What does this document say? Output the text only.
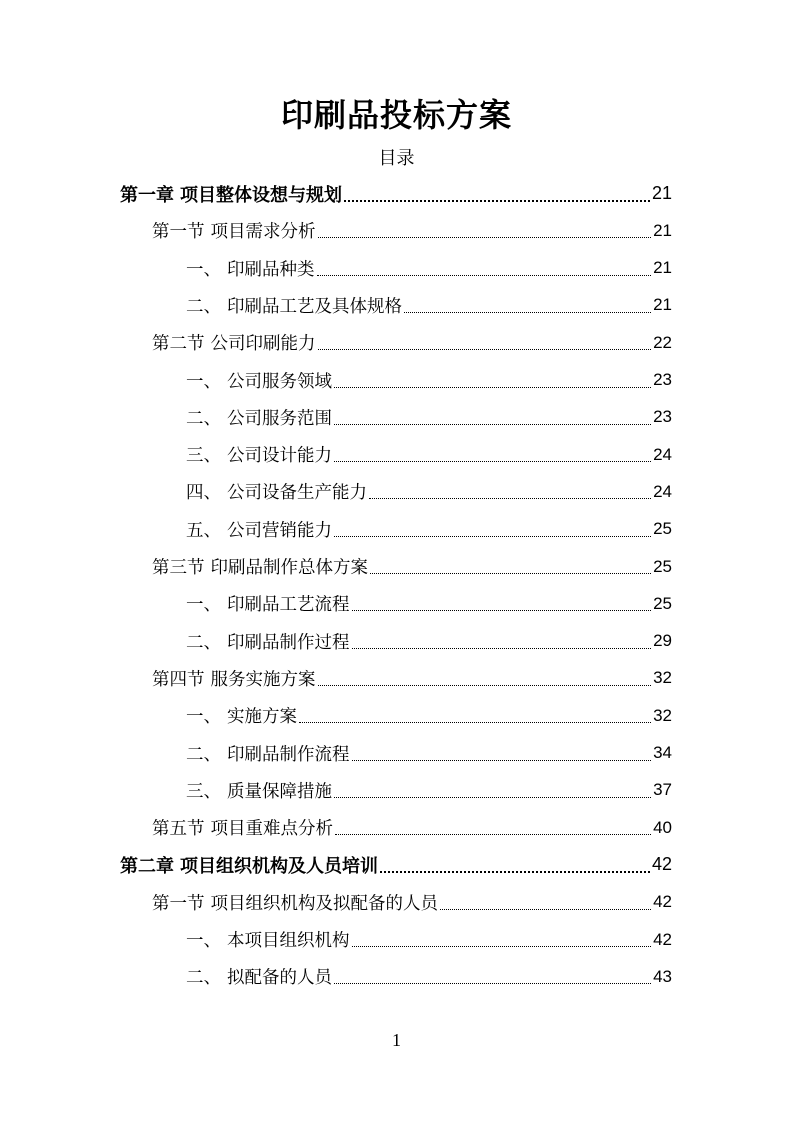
印刷品投标方案
目录
第一章 项目整体设想与规划	21
第一节 项目需求分析	21
一、 印刷品种类	21
二、 印刷品工艺及具体规格	21
第二节 公司印刷能力	22
一、 公司服务领域	23
二、 公司服务范围	23
三、 公司设计能力	24
四、 公司设备生产能力	24
五、 公司营销能力	25
第三节 印刷品制作总体方案	25
一、 印刷品工艺流程	25
二、 印刷品制作过程	29
第四节 服务实施方案	32
一、 实施方案	32
二、 印刷品制作流程	34
三、 质量保障措施	37
第五节 项目重难点分析	40
第二章 项目组织机构及人员培训	42
第一节 项目组织机构及拟配备的人员	42
一、 本项目组织机构	42
二、 拟配备的人员	43
1
